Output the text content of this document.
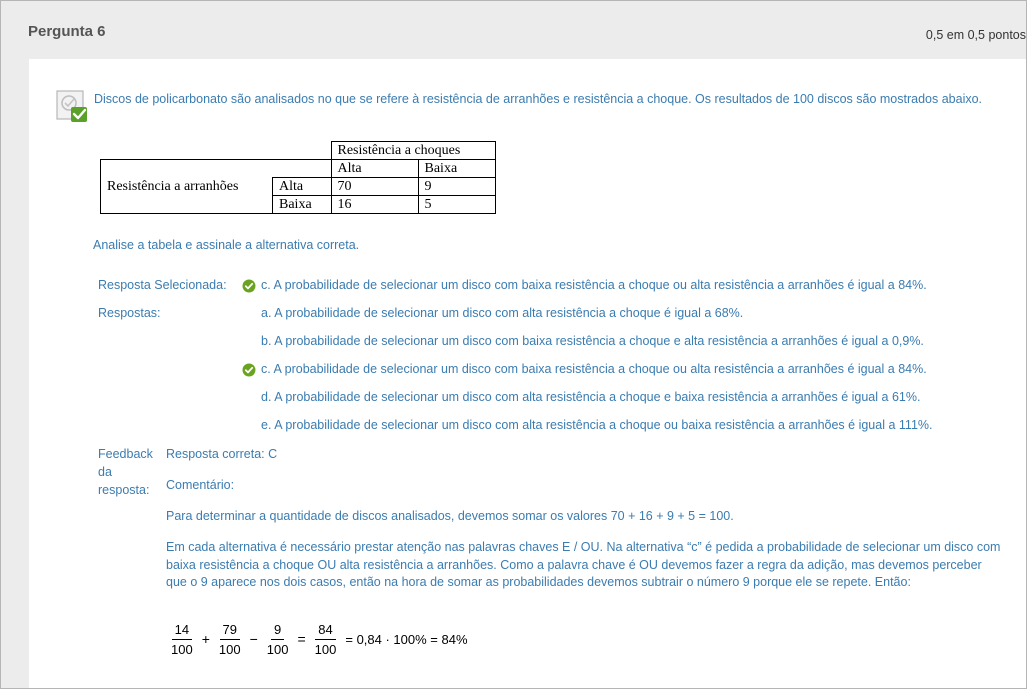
Pergunta 6	0,5 em 0,5 pontos
Discos de policarbonato são analisados no que se refere à resistência de arranhões e resistência a choque. Os resultados de 100 discos são mostrados abaixo.
		Resistência a choques	
		Alta	Baixa
Resistência a arranhões	Alta	70	9
	Baixa	16	5
Analise a tabela e assinale a alternativa correta.
Resposta Selecionada:	c. A probabilidade de selecionar um disco com baixa resistência a choque ou alta resistência a arranhões é igual a 84%.
Respostas:	a. A probabilidade de selecionar um disco com alta resistência a choque é igual a 68%.
b. A probabilidade de selecionar um disco com baixa resistência a choque e alta resistência a arranhões é igual a 0,9%.
c. A probabilidade de selecionar um disco com baixa resistência a choque ou alta resistência a arranhões é igual a 84%.
d. A probabilidade de selecionar um disco com alta resistência a choque e baixa resistência a arranhões é igual a 61%.
e. A probabilidade de selecionar um disco com alta resistência a choque ou baixa resistência a arranhões é igual a 111%.
Feedback
da
resposta:
Resposta correta: C
Comentário:
Para determinar a quantidade de discos analisados, devemos somar os valores 70 + 16 + 9 + 5 = 100.
Em cada alternativa é necessário prestar atenção nas palavras chaves E / OU. Na alternativa “c” é pedida a probabilidade de selecionar um disco com baixa resistência a choque OU alta resistência a arranhões. Como a palavra chave é OU devemos fazer a regra da adição, mas devemos perceber que o 9 aparece nos dois casos, então na hora de somar as probabilidades devemos subtrair o número 9 porque ele se repete. Então:
$\frac{14}{100} + \frac{79}{100} - \frac{9}{100} = \frac{84}{100} = 0,84 \cdot 100\% = 84\%$
